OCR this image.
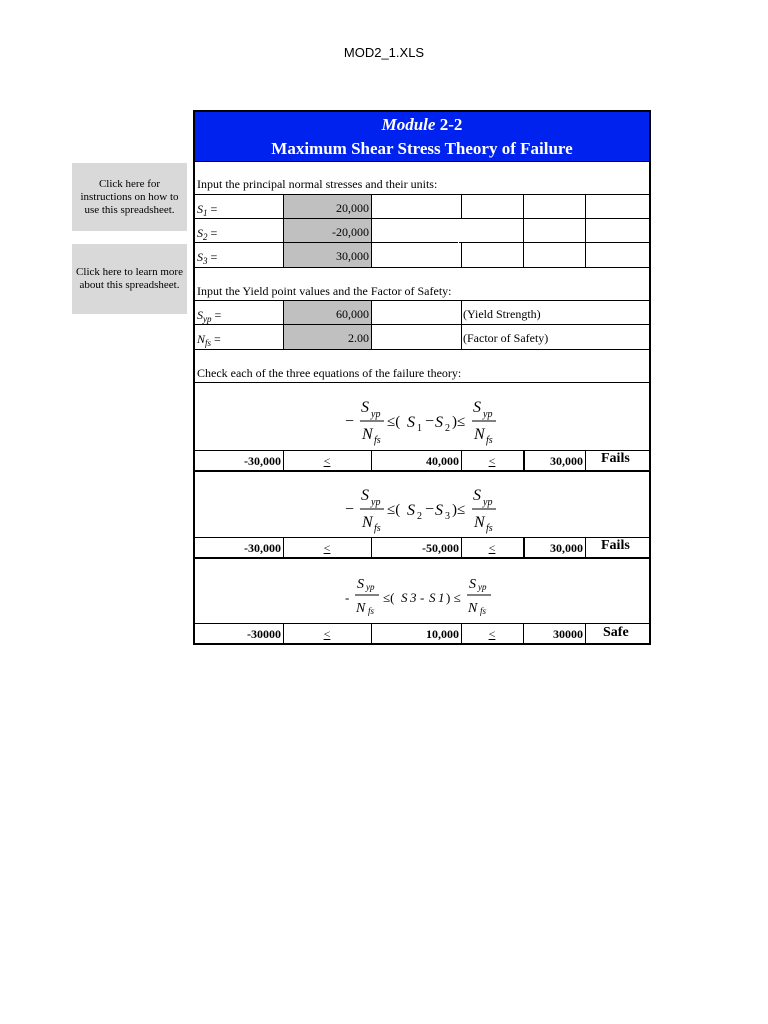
MOD2_1.XLS
Click here for instructions on how to use this spreadsheet.
Click here to learn more about this spreadsheet.
Module 2-2
Maximum Shear Stress Theory of Failure
Input the principal normal stresses and their units:
$S_1$ =	20,000
$S_2$ =	-20,000
$S_3$ =	30,000
Input the Yield point values and the Factor of Safety:
$S_{yp}$ =	60,000	(Yield Strength)
$N_{fs}$ =	2.00	(Factor of Safety)
Check each of the three equations of the failure theory:
−
S yp
N fs
≤( S 1 − S 2 )≤
S yp
N fs
-30,000	≤	40,000	≤	30,000 Fails
−
S yp
N fs
≤( S 2 − S 3 )≤
S yp
N fs
-30,000	≤	-50,000	≤	30,000 Fails
-
S yp
N fs
≤( S 3 - S 1 ) ≤
S yp
N fs
-30000	≤	10,000	≤	30000 Safe
